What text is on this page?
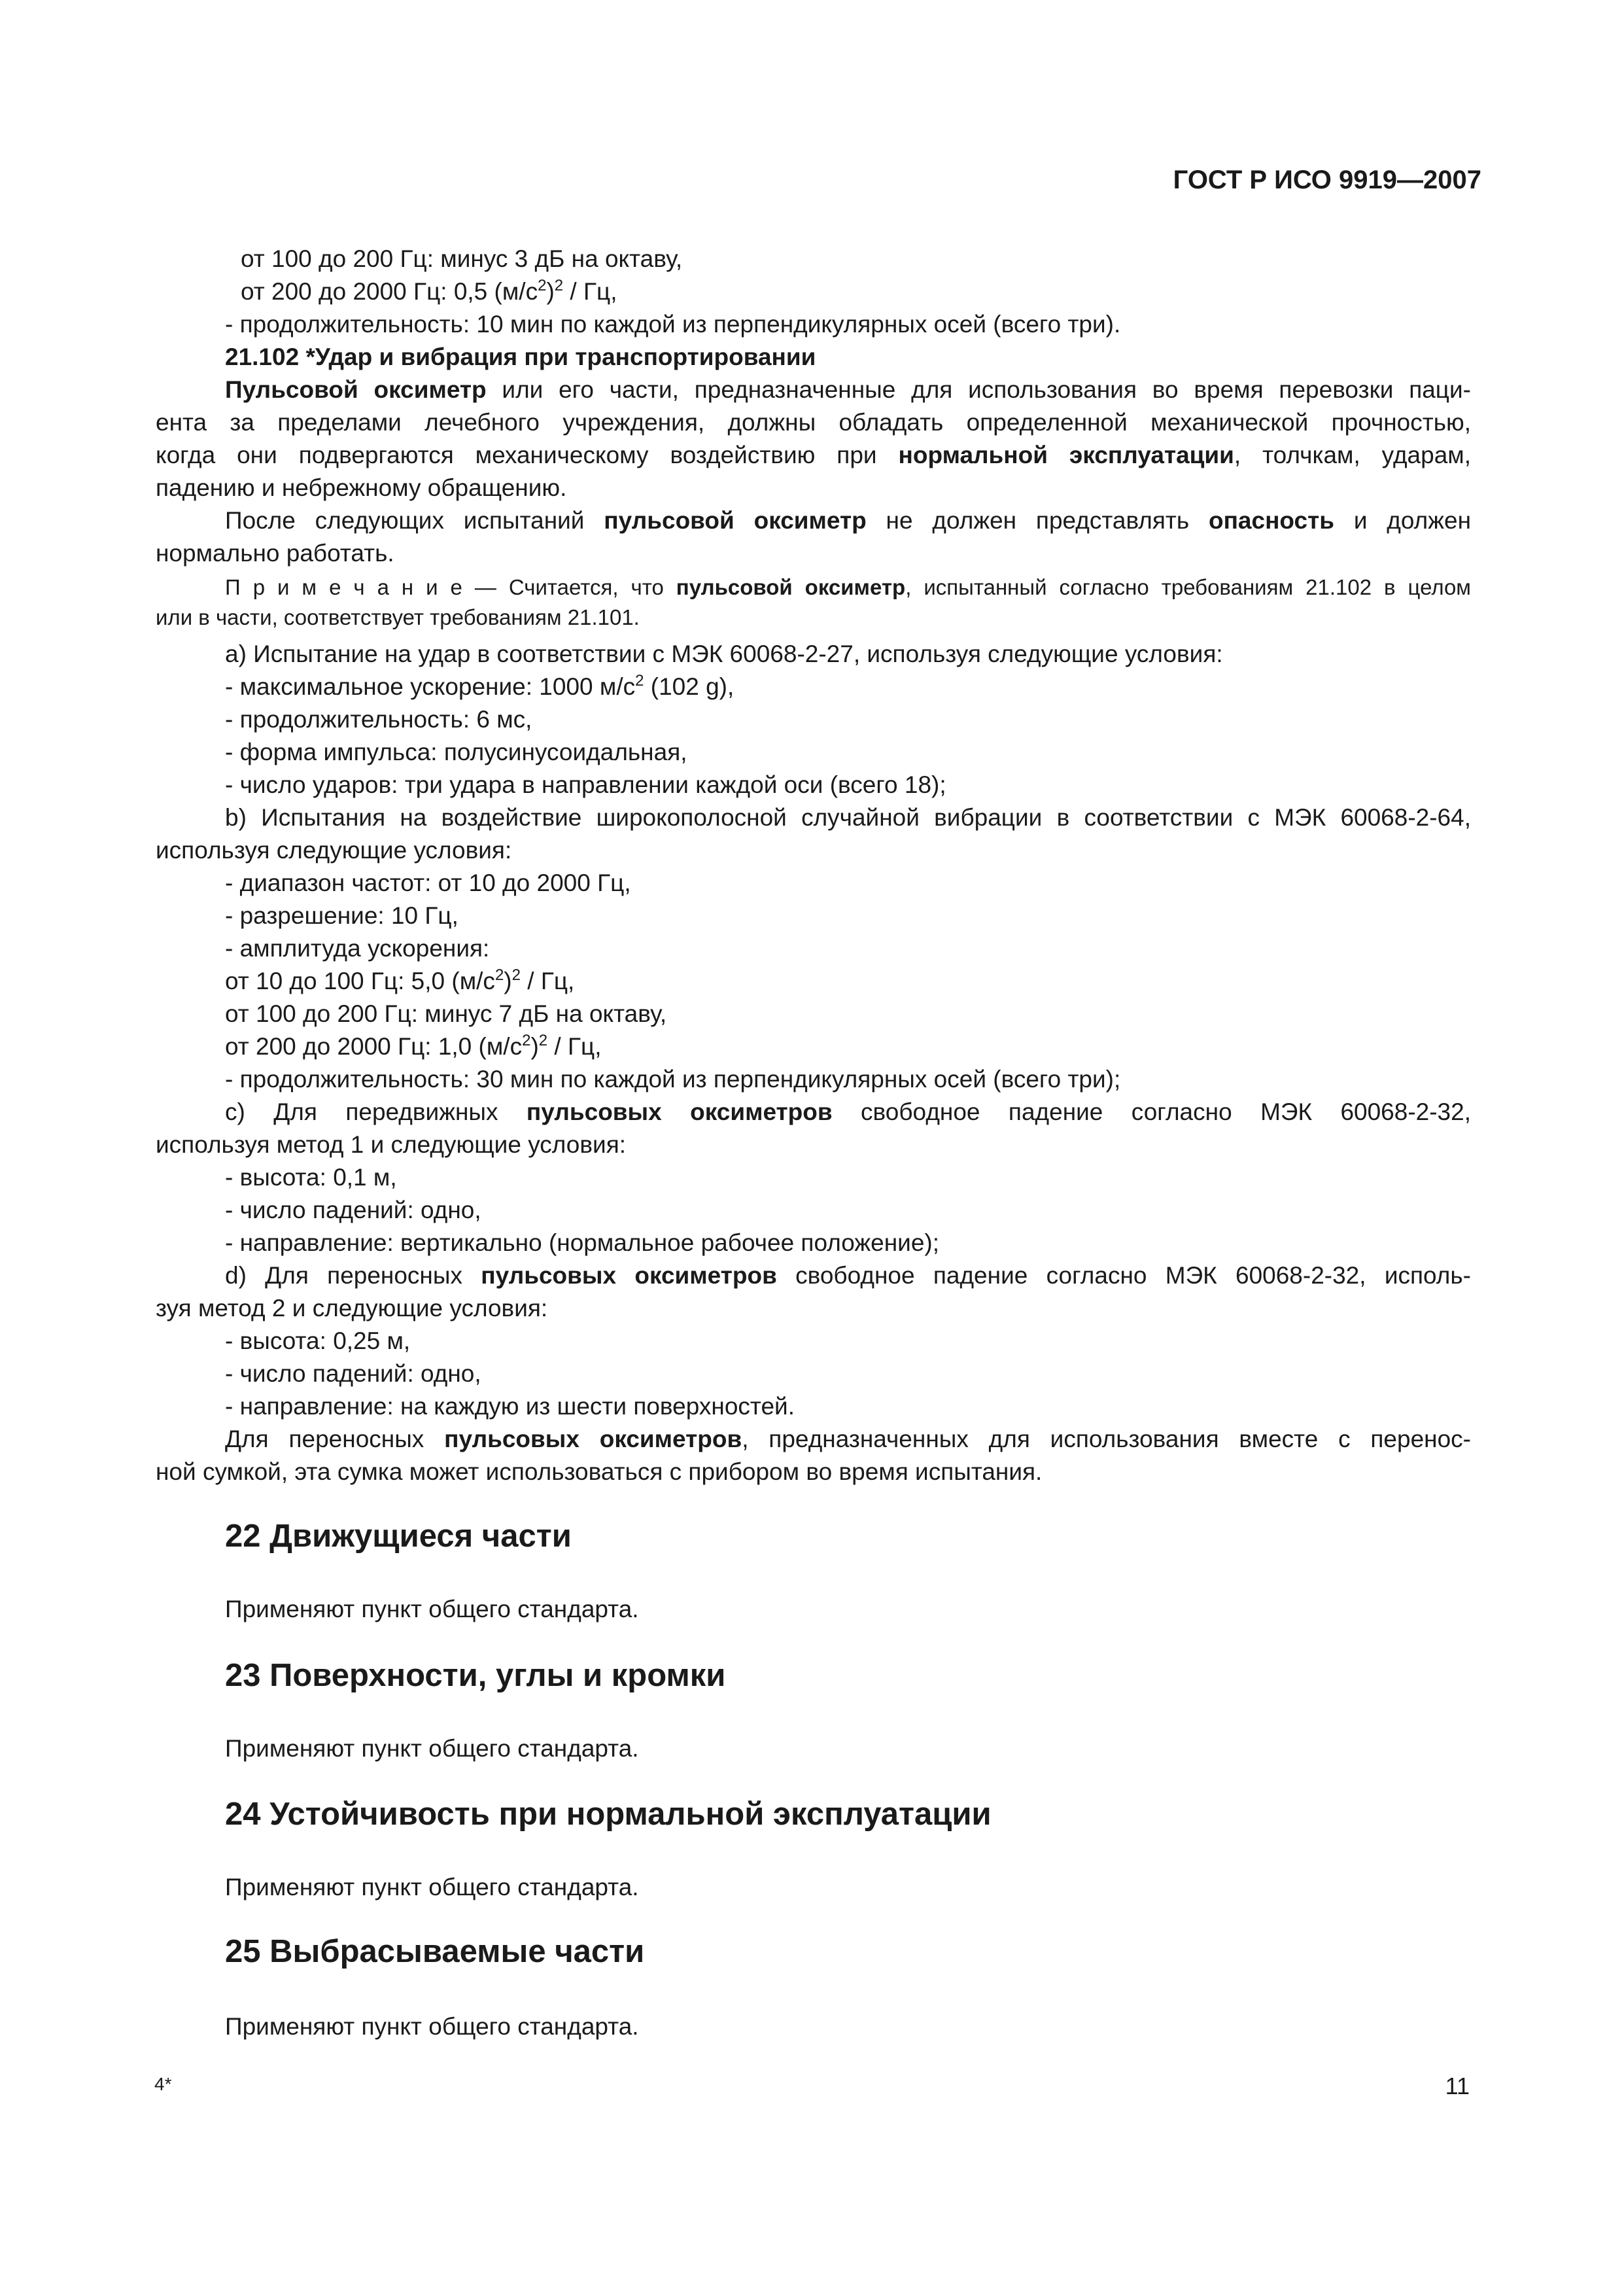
ГОСТ Р ИСО 9919—2007
от 100 до 200 Гц: минус 3 дБ на октаву,
от 200 до 2000 Гц: 0,5 $(м/с^2)^2$ / Гц,
- продолжительность: 10 мин по каждой из перпендикулярных осей (всего три).
21.102 *Удар и вибрация при транспортировании
Пульсовой оксиметр или его части, предназначенные для использования во время перевозки паци-
ента за пределами лечебного учреждения, должны обладать определенной механической прочностью,
когда они подвергаются механическому воздействию при нормальной эксплуатации, толчкам, ударам,
падению и небрежному обращению.
После следующих испытаний пульсовой оксиметр не должен представлять опасность и должен
нормально работать.
П р и м е ч а н и е — Считается, что пульсовой оксиметр, испытанный согласно требованиям 21.102 в целом
или в части, соответствует требованиям 21.101.
a) Испытание на удар в соответствии с МЭК 60068-2-27, используя следующие условия:
- максимальное ускорение: 1000 $м/с^2$ (102 g),
- продолжительность: 6 мс,
- форма импульса: полусинусоидальная,
- число ударов: три удара в направлении каждой оси (всего 18);
b) Испытания на воздействие широкополосной случайной вибрации в соответствии с МЭК 60068-2-64,
используя следующие условия:
- диапазон частот: от 10 до 2000 Гц,
- разрешение: 10 Гц,
- амплитуда ускорения:
от 10 до 100 Гц: 5,0 $(м/с^2)^2$ / Гц,
от 100 до 200 Гц: минус 7 дБ на октаву,
от 200 до 2000 Гц: 1,0 $(м/с^2)^2$ / Гц,
- продолжительность: 30 мин по каждой из перпендикулярных осей (всего три);
c) Для передвижных пульсовых оксиметров свободное падение согласно МЭК 60068-2-32,
используя метод 1 и следующие условия:
- высота: 0,1 м,
- число падений: одно,
- направление: вертикально (нормальное рабочее положение);
d) Для переносных пульсовых оксиметров свободное падение согласно МЭК 60068-2-32, исполь-
зуя метод 2 и следующие условия:
- высота: 0,25 м,
- число падений: одно,
- направление: на каждую из шести поверхностей.
Для переносных пульсовых оксиметров, предназначенных для использования вместе с перенос-
ной сумкой, эта сумка может использоваться с прибором во время испытания.
22 Движущиеся части
Применяют пункт общего стандарта.
23 Поверхности, углы и кромки
Применяют пункт общего стандарта.
24 Устойчивость при нормальной эксплуатации
Применяют пункт общего стандарта.
25 Выбрасываемые части
Применяют пункт общего стандарта.
4*	11
